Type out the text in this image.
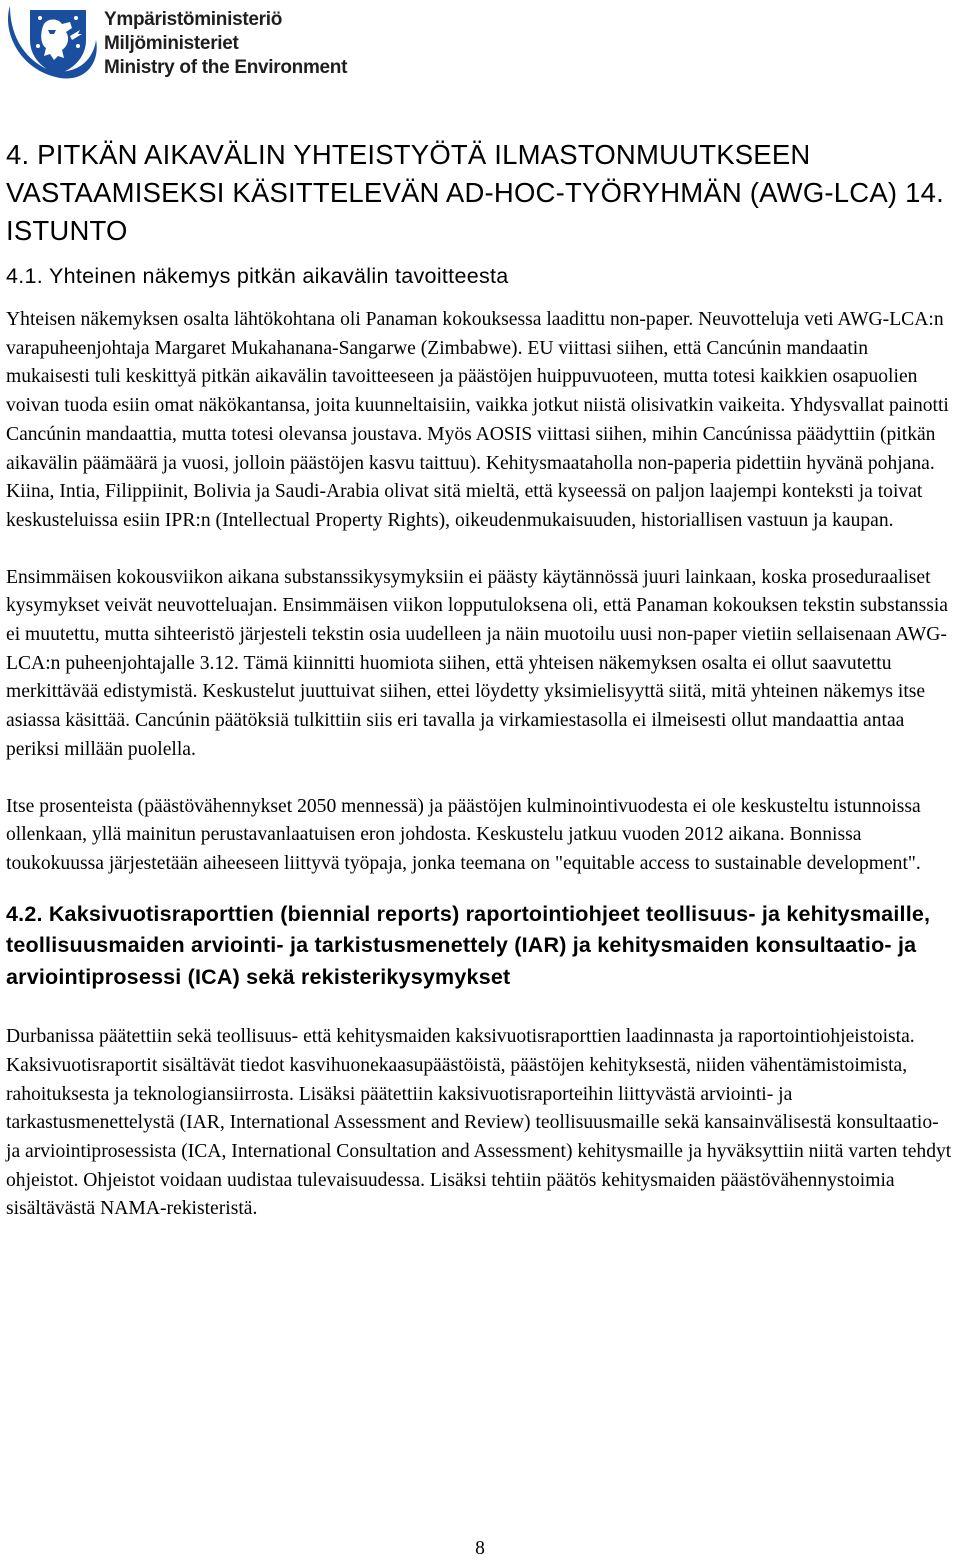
Ympäristöministeriö
Miljöministeriet
Ministry of the Environment
4. PITKÄN AIKAVÄLIN YHTEISTYÖTÄ ILMASTONMUUTKSEEN VASTAAMISEKSI KÄSITTELEVÄN AD-HOC-TYÖRYHMÄN (AWG-LCA) 14. ISTUNTO
4.1. Yhteinen näkemys pitkän aikavälin tavoitteesta

Yhteisen näkemyksen osalta lähtökohtana oli Panaman kokouksessa laadittu non-paper. Neuvotteluja veti AWG-LCA:n varapuheenjohtaja Margaret Mukahanana-Sangarwe (Zimbabwe). EU viittasi siihen, että Cancúnin mandaatin mukaisesti tuli keskittyä pitkän aikavälin tavoitteeseen ja päästöjen huippuvuoteen, mutta totesi kaikkien osapuolien voivan tuoda esiin omat näkökantansa, joita kuunneltaisiin, vaikka jotkut niistä olisivatkin vaikeita. Yhdysvallat painotti Cancúnin mandaattia, mutta totesi olevansa joustava. Myös AOSIS viittasi siihen, mihin Cancúnissa päädyttiin (pitkän aikavälin päämäärä ja vuosi, jolloin päästöjen kasvu taittuu). Kehitysmaataholla non-paperia pidettiin hyvänä pohjana. Kiina, Intia, Filippiinit, Bolivia ja Saudi-Arabia olivat sitä mieltä, että kyseessä on paljon laajempi konteksti ja toivat keskusteluissa esiin IPR:n (Intellectual Property Rights), oikeudenmukaisuuden, historiallisen vastuun ja kaupan.

Ensimmäisen kokousviikon aikana substanssikysymyksiin ei päästy käytännössä juuri lainkaan, koska proseduraaliset kysymykset veivät neuvotteluajan. Ensimmäisen viikon lopputuloksena oli, että Panaman kokouksen tekstin substanssia ei muutettu, mutta sihteeristö järjesteli tekstin osia uudelleen ja näin muotoilu uusi non-paper vietiin sellaisenaan AWG-LCA:n puheenjohtajalle 3.12. Tämä kiinnitti huomiota siihen, että yhteisen näkemyksen osalta ei ollut saavutettu merkittävää edistymistä. Keskustelut juuttuivat siihen, ettei löydetty yksimielisyyttä siitä, mitä yhteinen näkemys itse asiassa käsittää. Cancúnin päätöksiä tulkittiin siis eri tavalla ja virkamiestasolla ei ilmeisesti ollut mandaattia antaa periksi millään puolella.

Itse prosenteista (päästövähennykset 2050 mennessä) ja päästöjen kulminointivuodesta ei ole keskusteltu istunnoissa ollenkaan, yllä mainitun perustavanlaatuisen eron johdosta. Keskustelu jatkuu vuoden 2012 aikana. Bonnissa toukokuussa järjestetään aiheeseen liittyvä työpaja, jonka teemana on "equitable access to sustainable development".

4.2. Kaksivuotisraporttien (biennial reports) raportointiohjeet teollisuus- ja kehitysmaille, teollisuusmaiden arviointi- ja tarkistusmenettely (IAR) ja kehitysmaiden konsultaatio- ja arviointiprosessi (ICA) sekä rekisterikysymykset

Durbanissa päätettiin sekä teollisuus- että kehitysmaiden kaksivuotisraporttien laadinnasta ja raportointiohjeistoista. Kaksivuotisraportit sisältävät tiedot kasvihuonekaasupäästöistä, päästöjen kehityksestä, niiden vähentämistoimista, rahoituksesta ja teknologiansiirrosta. Lisäksi päätettiin kaksivuotisraporteihin liittyvästä arviointi- ja tarkastusmenettelystä (IAR, International Assessment and Review) teollisuusmaille sekä kansainvälisestä konsultaatio- ja arviointiprosessista (ICA, International Consultation and Assessment) kehitysmaille ja hyväksyttiin niitä varten tehdyt ohjeistot. Ohjeistot voidaan uudistaa tulevaisuudessa. Lisäksi tehtiin päätös kehitysmaiden päästövähennystoimia sisältävästä NAMA-rekisteristä.

8
